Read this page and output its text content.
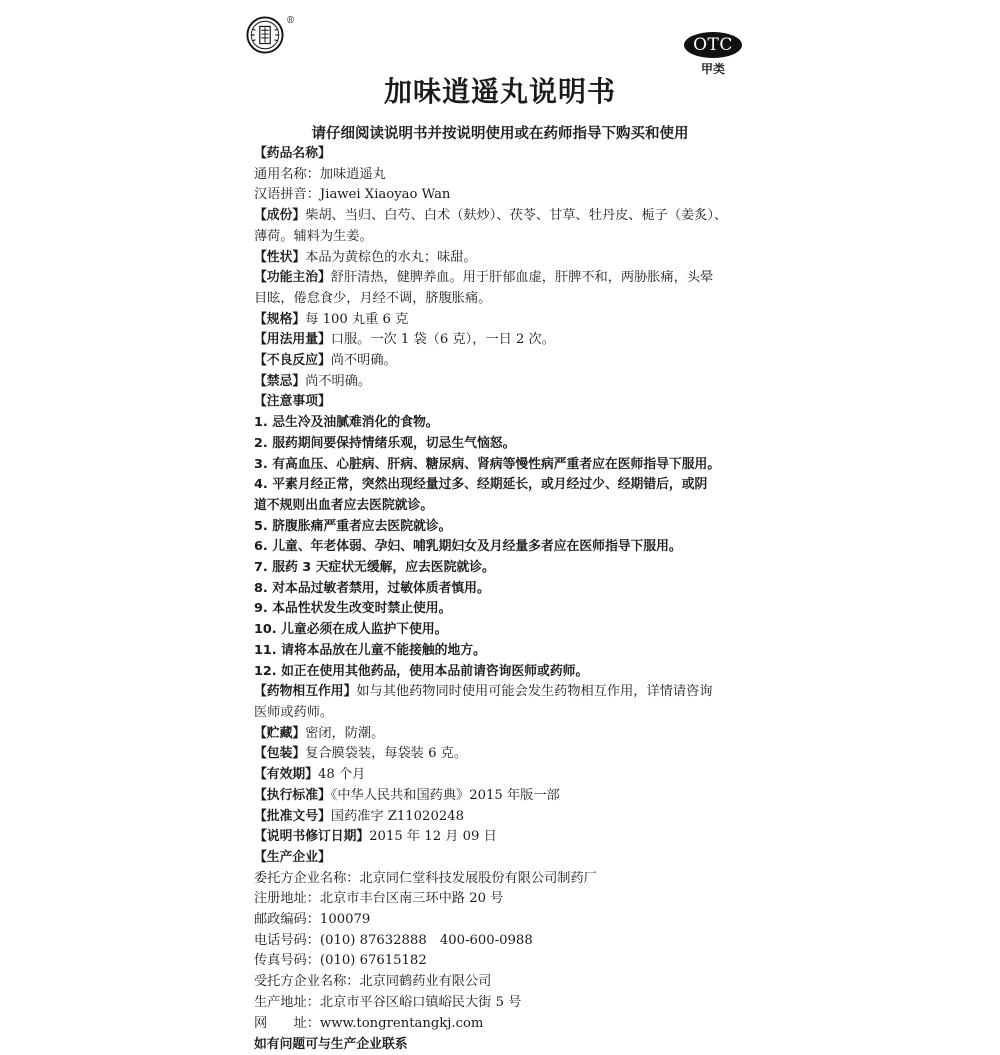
®
OTC
甲类
加味逍遥丸说明书
请仔细阅读说明书并按说明使用或在药师指导下购买和使用
【药品名称】
通用名称：加味逍遥丸
汉语拼音：Jiawei Xiaoyao Wan
【成份】柴胡、当归、白芍、白术（麸炒）、茯苓、甘草、牡丹皮、栀子（姜炙）、
薄荷。辅料为生姜。
【性状】本品为黄棕色的水丸；味甜。
【功能主治】舒肝清热，健脾养血。用于肝郁血虚，肝脾不和，两胁胀痛，头晕
目眩，倦怠食少，月经不调，脐腹胀痛。
【规格】每 100 丸重 6 克
【用法用量】口服。一次 1 袋（6 克），一日 2 次。
【不良反应】尚不明确。
【禁忌】尚不明确。
【注意事项】
1. 忌生冷及油腻难消化的食物。
2. 服药期间要保持情绪乐观，切忌生气恼怒。
3. 有高血压、心脏病、肝病、糖尿病、肾病等慢性病严重者应在医师指导下服用。
4. 平素月经正常，突然出现经量过多、经期延长，或月经过少、经期错后，或阴
道不规则出血者应去医院就诊。
5. 脐腹胀痛严重者应去医院就诊。
6. 儿童、年老体弱、孕妇、哺乳期妇女及月经量多者应在医师指导下服用。
7. 服药 3 天症状无缓解，应去医院就诊。
8. 对本品过敏者禁用，过敏体质者慎用。
9. 本品性状发生改变时禁止使用。
10. 儿童必须在成人监护下使用。
11. 请将本品放在儿童不能接触的地方。
12. 如正在使用其他药品，使用本品前请咨询医师或药师。
【药物相互作用】如与其他药物同时使用可能会发生药物相互作用，详情请咨询
医师或药师。
【贮藏】密闭，防潮。
【包装】复合膜袋装，每袋装 6 克。
【有效期】48 个月
【执行标准】《中华人民共和国药典》2015 年版一部
【批准文号】国药准字 Z11020248
【说明书修订日期】2015 年 12 月 09 日
【生产企业】
委托方企业名称：北京同仁堂科技发展股份有限公司制药厂
注册地址：北京市丰台区南三环中路 20 号
邮政编码：100079
电话号码：(010) 87632888　400-600-0988
传真号码：(010) 67615182
受托方企业名称：北京同鹤药业有限公司
生产地址：北京市平谷区峪口镇峪民大街 5 号
网　　址：www.tongrentangkj.com
如有问题可与生产企业联系
